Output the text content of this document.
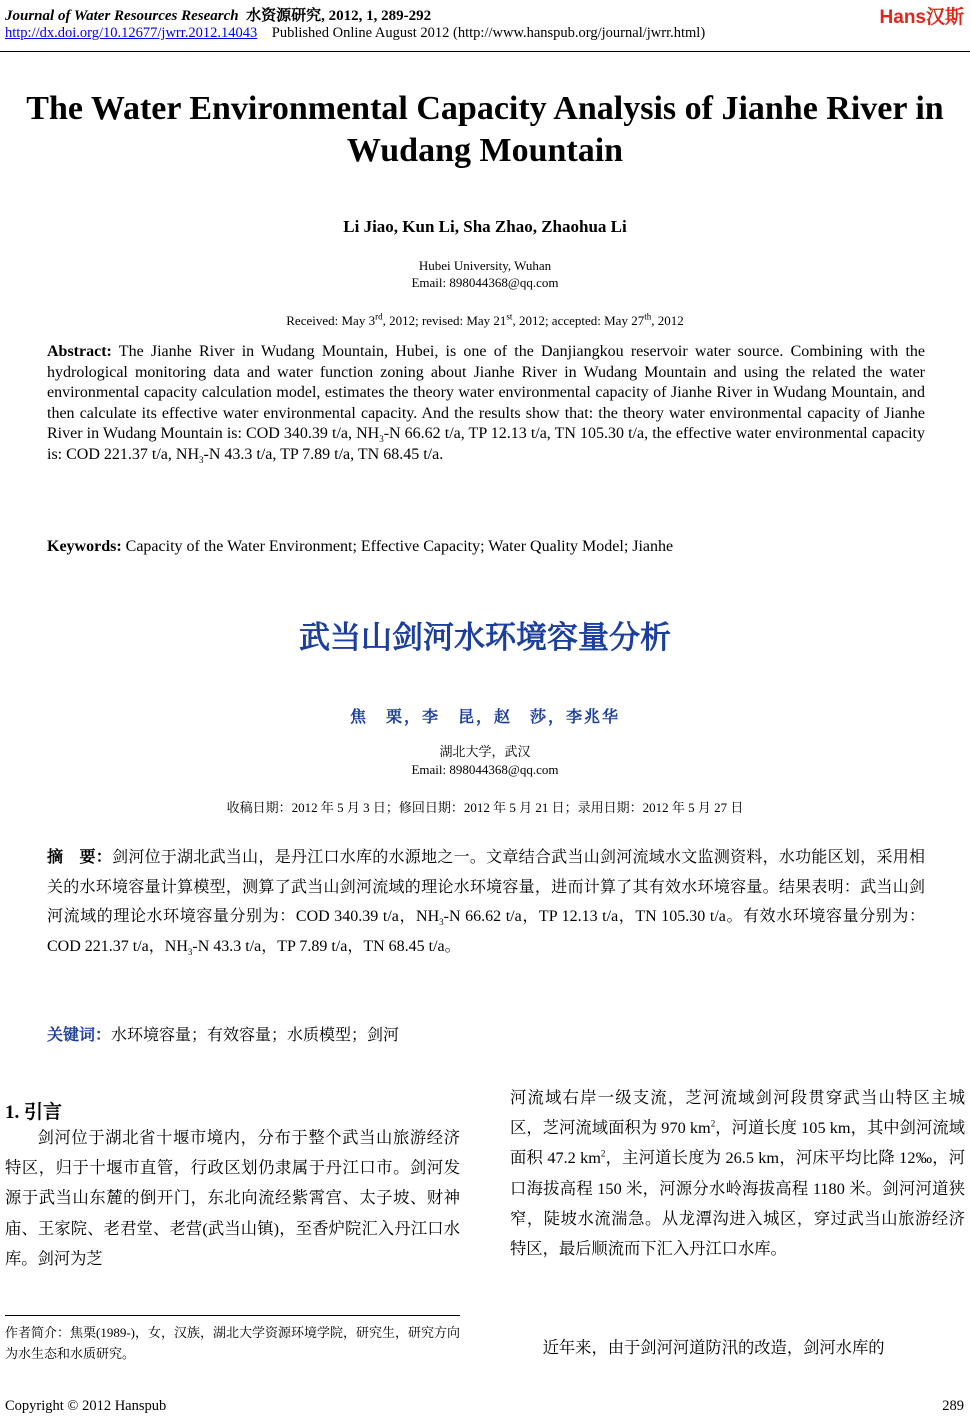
Journal of Water Resources Research 水资源研究, 2012, 1, 289-292
http://dx.doi.org/10.12677/jwrr.2012.14043 Published Online August 2012 (http://www.hanspub.org/journal/jwrr.html)
Hans汉斯
The Water Environmental Capacity Analysis of Jianhe River in Wudang Mountain
Li Jiao, Kun Li, Sha Zhao, Zhaohua Li
Hubei University, Wuhan
Email: 898044368@qq.com
Received: May 3rd, 2012; revised: May 21st, 2012; accepted: May 27th, 2012
Abstract: The Jianhe River in Wudang Mountain, Hubei, is one of the Danjiangkou reservoir water source. Combining with the hydrological monitoring data and water function zoning about Jianhe River in Wudang Mountain and using the related the water environmental capacity calculation model, estimates the theory water environmental capacity of Jianhe River in Wudang Mountain, and then calculate its effective water environmental capacity. And the results show that: the theory water environmental capacity of Jianhe River in Wudang Mountain is: COD 340.39 t/a, $NH_3-N$ 66.62 t/a, TP 12.13 t/a, TN 105.30 t/a, the effective water environmental capacity is: COD 221.37 t/a, $NH_3-N$ 43.3 t/a, TP 7.89 t/a, TN 68.45 t/a.
Keywords: Capacity of the Water Environment; Effective Capacity; Water Quality Model; Jianhe
武当山剑河水环境容量分析
焦　栗，李　昆，赵　莎，李兆华
湖北大学，武汉
Email: 898044368@qq.com
收稿日期：2012 年 5 月 3 日；修回日期：2012 年 5 月 21 日；录用日期：2012 年 5 月 27 日
摘　要：剑河位于湖北武当山，是丹江口水库的水源地之一。文章结合武当山剑河流域水文监测资料，水功能区划，采用相关的水环境容量计算模型，测算了武当山剑河流域的理论水环境容量，进而计算了其有效水环境容量。结果表明：武当山剑河流域的理论水环境容量分别为：COD 340.39 t/a，$NH_3-N$ 66.62 t/a，TP 12.13 t/a，TN 105.30 t/a。有效水环境容量分别为：COD 221.37 t/a，$NH_3-N$ 43.3 t/a，TP 7.89 t/a，TN 68.45 t/a。
关键词：水环境容量；有效容量；水质模型；剑河
1. 引言
剑河位于湖北省十堰市境内，分布于整个武当山旅游经济特区，归于十堰市直管，行政区划仍隶属于丹江口市。剑河发源于武当山东麓的倒开门，东北向流经紫霄宫、太子坡、财神庙、王家院、老君堂、老营(武当山镇)，至香炉院汇入丹江口水库。剑河为芝
河流域右岸一级支流，芝河流域剑河段贯穿武当山特区主城区，芝河流域面积为 970 $km^2$，河道长度 105 km，其中剑河流域面积 47.2 $km^2$，主河道长度为 26.5 km，河床平均比降 12‰，河口海拔高程 150 米，河源分水岭海拔高程 1180 米。剑河河道狭窄，陡坡水流湍急。从龙潭沟进入城区，穿过武当山旅游经济特区，最后顺流而下汇入丹江口水库。
近年来，由于剑河河道防汛的改造，剑河水库的
作者简介：焦栗(1989-)，女，汉族，湖北大学资源环境学院，研究生，研究方向为水生态和水质研究。
Copyright © 2012 Hanspub	289
